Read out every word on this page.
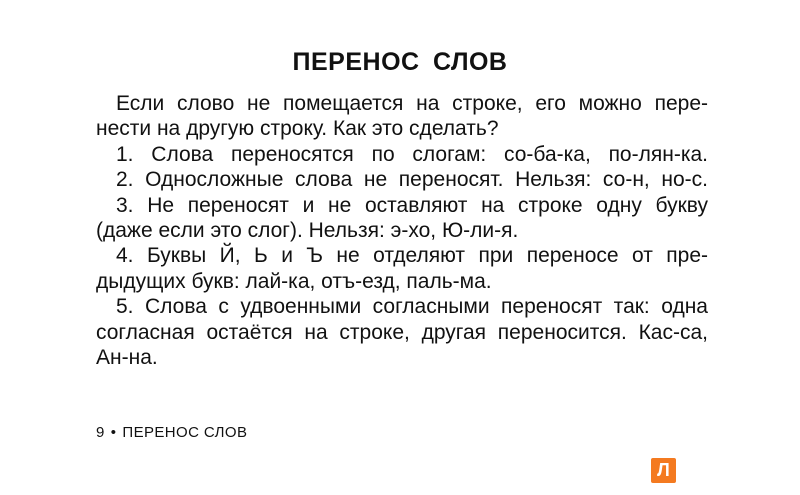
ПЕРЕНОС СЛОВ

Если слово не помещается на строке, его можно пере-

нести на другую строку. Как это сделать?

1. Слова переносятся по слогам: со-ба-ка, по-лян-ка.

2. Односложные слова не переносят. Нельзя: со-н, но-с.

3. Не переносят и не оставляют на строке одну букву

(даже если это слог). Нельзя: э-хо, Ю-ли-я.

4. Буквы Й, Ь и Ъ не отделяют при переносе от пре-

дыдущих букв: лай-ка, отъ-езд, паль-ма.

5. Слова с удвоенными согласными переносят так: одна

согласная остаётся на строке, другая переносится. Кас-са,

Ан-на.

9 • ПЕРЕНОС СЛОВ
Л
